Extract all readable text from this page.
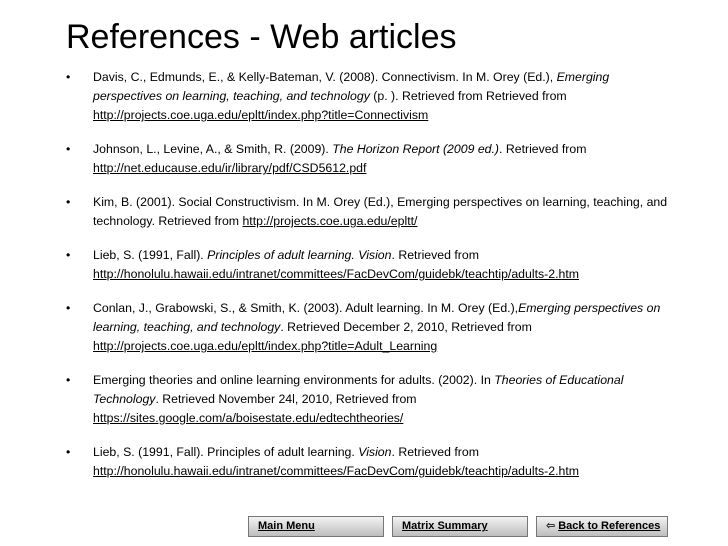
References - Web articles
• Davis, C., Edmunds, E., & Kelly-Bateman, V. (2008). Connectivism. In M. Orey (Ed.), Emerging perspectives on learning, teaching, and technology (p. ). Retrieved from Retrieved from http://projects.coe.uga.edu/epltt/index.php?title=Connectivism
• Johnson, L., Levine, A., & Smith, R. (2009). The Horizon Report (2009 ed.). Retrieved from http://net.educause.edu/ir/library/pdf/CSD5612.pdf
• Kim, B. (2001). Social Constructivism. In M. Orey (Ed.), Emerging perspectives on learning, teaching, and technology. Retrieved from http://projects.coe.uga.edu/epltt/
• Lieb, S. (1991, Fall). Principles of adult learning. Vision. Retrieved from http://honolulu.hawaii.edu/intranet/committees/FacDevCom/guidebk/teachtip/adults-2.htm
• Conlan, J., Grabowski, S., & Smith, K. (2003). Adult learning. In M. Orey (Ed.),Emerging perspectives on learning, teaching, and technology. Retrieved December 2, 2010, Retrieved from http://projects.coe.uga.edu/epltt/index.php?title=Adult_Learning
• Emerging theories and online learning environments for adults. (2002). In Theories of Educational Technology. Retrieved November 24l, 2010, Retrieved from https://sites.google.com/a/boisestate.edu/edtechtheories/
• Lieb, S. (1991, Fall). Principles of adult learning. Vision. Retrieved from http://honolulu.hawaii.edu/intranet/committees/FacDevCom/guidebk/teachtip/adults-2.htm
Main Menu	Matrix Summary	⇦ Back to References
